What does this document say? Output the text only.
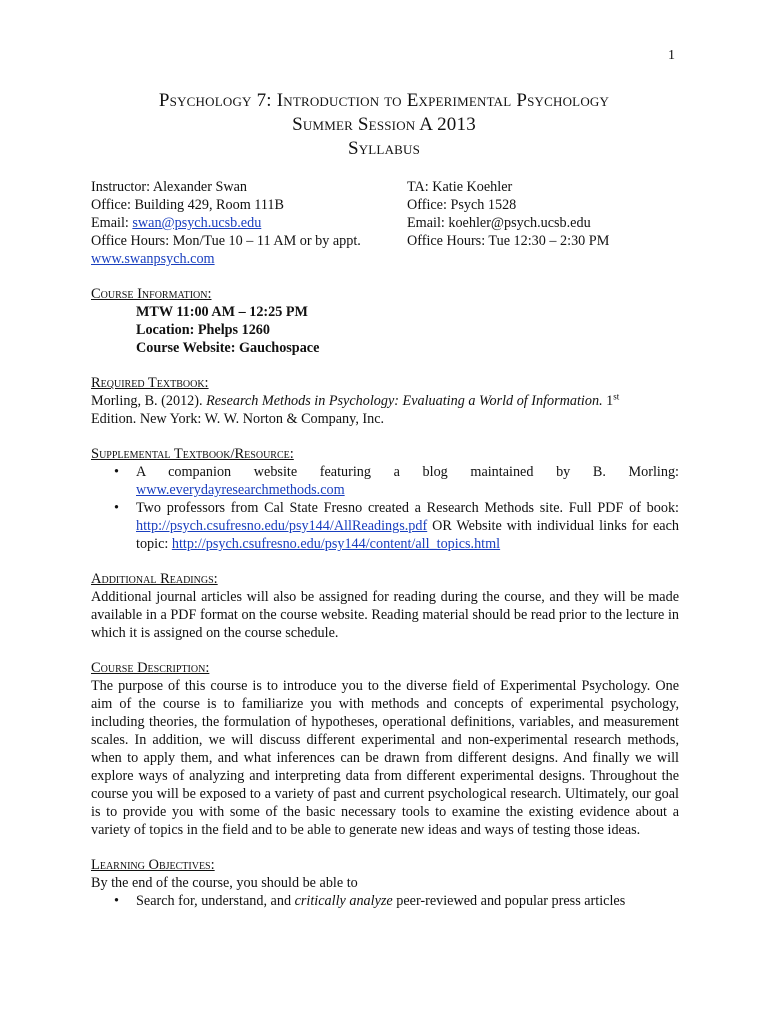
1
Psychology 7: Introduction to Experimental Psychology
Summer Session A 2013
Syllabus
Instructor: Alexander Swan
Office: Building 429, Room 111B
Email: swan@psych.ucsb.edu
Office Hours: Mon/Tue 10 – 11 AM or by appt.
www.swanpsych.com
TA: Katie Koehler
Office: Psych 1528
Email: koehler@psych.ucsb.edu
Office Hours: Tue 12:30 – 2:30 PM
Course Information:
MTW 11:00 AM – 12:25 PM
Location: Phelps 1260
Course Website: Gauchospace
Required Textbook:
Morling, B. (2012). Research Methods in Psychology: Evaluating a World of Information. 1st
Edition. New York: W. W. Norton & Company, Inc.
Supplemental Textbook/Resource:
• A companion website featuring a blog maintained by B. Morling:
www.everydayresearchmethods.com
• Two professors from Cal State Fresno created a Research Methods site. Full PDF of book: http://psych.csufresno.edu/psy144/AllReadings.pdf OR Website with individual links for each topic: http://psych.csufresno.edu/psy144/content/all_topics.html
Additional Readings:
Additional journal articles will also be assigned for reading during the course, and they will be made available in a PDF format on the course website. Reading material should be read prior to the lecture in which it is assigned on the course schedule.
Course Description:
The purpose of this course is to introduce you to the diverse field of Experimental Psychology. One aim of the course is to familiarize you with methods and concepts of experimental psychology, including theories, the formulation of hypotheses, operational definitions, variables, and measurement scales. In addition, we will discuss different experimental and non-experimental research methods, when to apply them, and what inferences can be drawn from different designs. And finally we will explore ways of analyzing and interpreting data from different experimental designs. Throughout the course you will be exposed to a variety of past and current psychological research. Ultimately, our goal is to provide you with some of the basic necessary tools to examine the existing evidence about a variety of topics in the field and to be able to generate new ideas and ways of testing those ideas.
Learning Objectives:
By the end of the course, you should be able to
• Search for, understand, and critically analyze peer-reviewed and popular press articles
